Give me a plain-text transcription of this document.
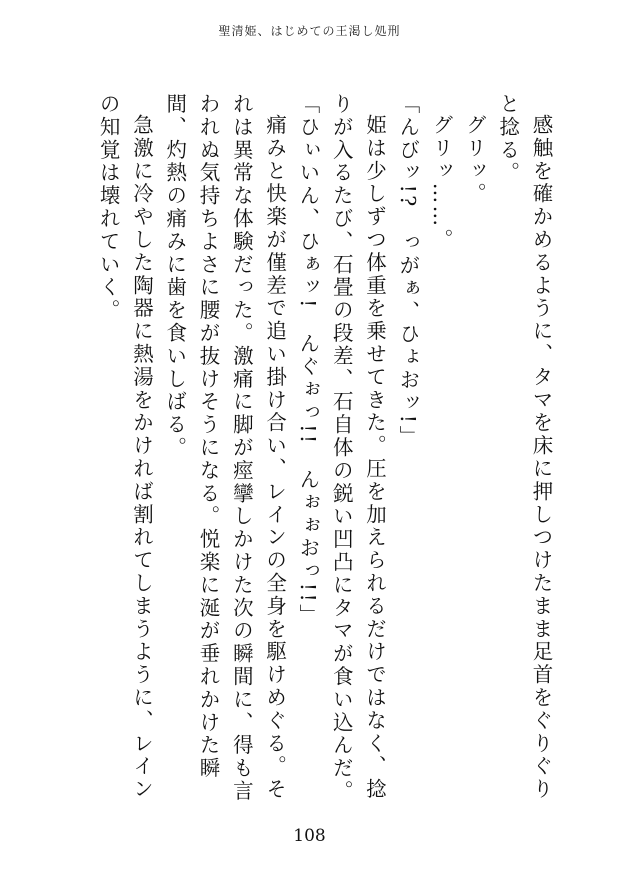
聖清姫、はじめての王渇し処刑

感触を確かめるように、タマを床に押しつけたまま足首をぐりぐりと捻る。

グリッ。

グリッ……。

「んびッ!?　っがぁ、ひょおッ!」

姫は少しずつ体重を乗せてきた。圧を加えられるだけではなく、捻りが入るたび、石畳の段差、石自体の鋭い凹凸にタマが食い込んだ。

「ひぃいん、ひぁッ!　んぐぉっ!!　んぉぉおっ!!」

痛みと快楽が僅差で追い掛け合い、レインの全身を駆けめぐる。それは異常な体験だった。激痛に脚が痙攣しかけた次の瞬間に、得も言われぬ気持ちよさに腰が抜けそうになる。悦楽に涎が垂れかけた瞬間、灼熱の痛みに歯を食いしばる。

急激に冷やした陶器に熱湯をかければ割れてしまうように、レインの知覚は壊れていく。

108
